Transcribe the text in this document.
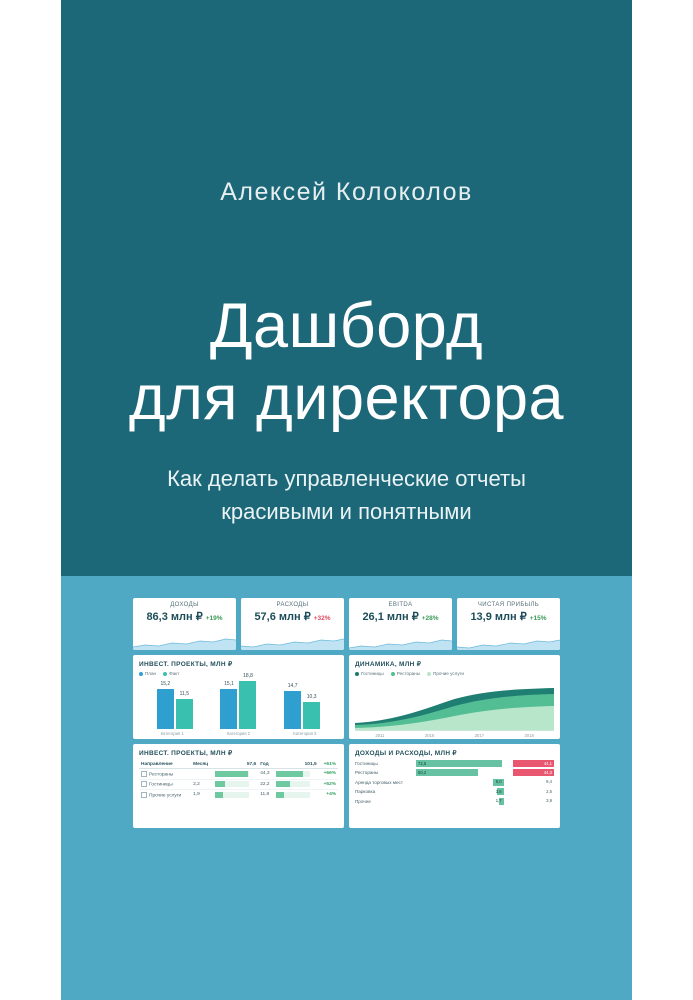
Алексей Колоколов
Дашборд
для директора
Как делать управленческие отчеты
красивыми и понятными
ДОХОДЫ
86,3 млн ₽ +19%
РАСХОДЫ
57,6 млн ₽ +32%
EBITDA
26,1 млн ₽ +28%
ЧИСТАЯ ПРИБЫЛЬ
13,9 млн ₽ +15%
ИНВЕСТ. ПРОЕКТЫ, МЛН ₽
План	Факт
15,2
11,5
15,1
18,8
14,7
10,3
Категория 1	Категория 2	Категория 3
ДИНАМИКА, МЛН ₽
Гостиницы	Рестораны	Прочие услуги
2011	2016	2017	2018
ИНВЕСТ. ПРОЕКТЫ, МЛН ₽
Направление	Месяц	57,6	Год	101,5	+61%
Рестораны			44,3		+66%
Гостиницы	2,2		22,2		+52%
Прочие услуги	1,9		11,8		+4%
ДОХОДЫ И РАСХОДЫ, МЛН ₽
Гостиницы	72,5	44,1
Рестораны	50,2	44,3
Аренда торговых мест	6,0	9,4
Парковка	3,8	2,5
Прочее	1,7	3,9
